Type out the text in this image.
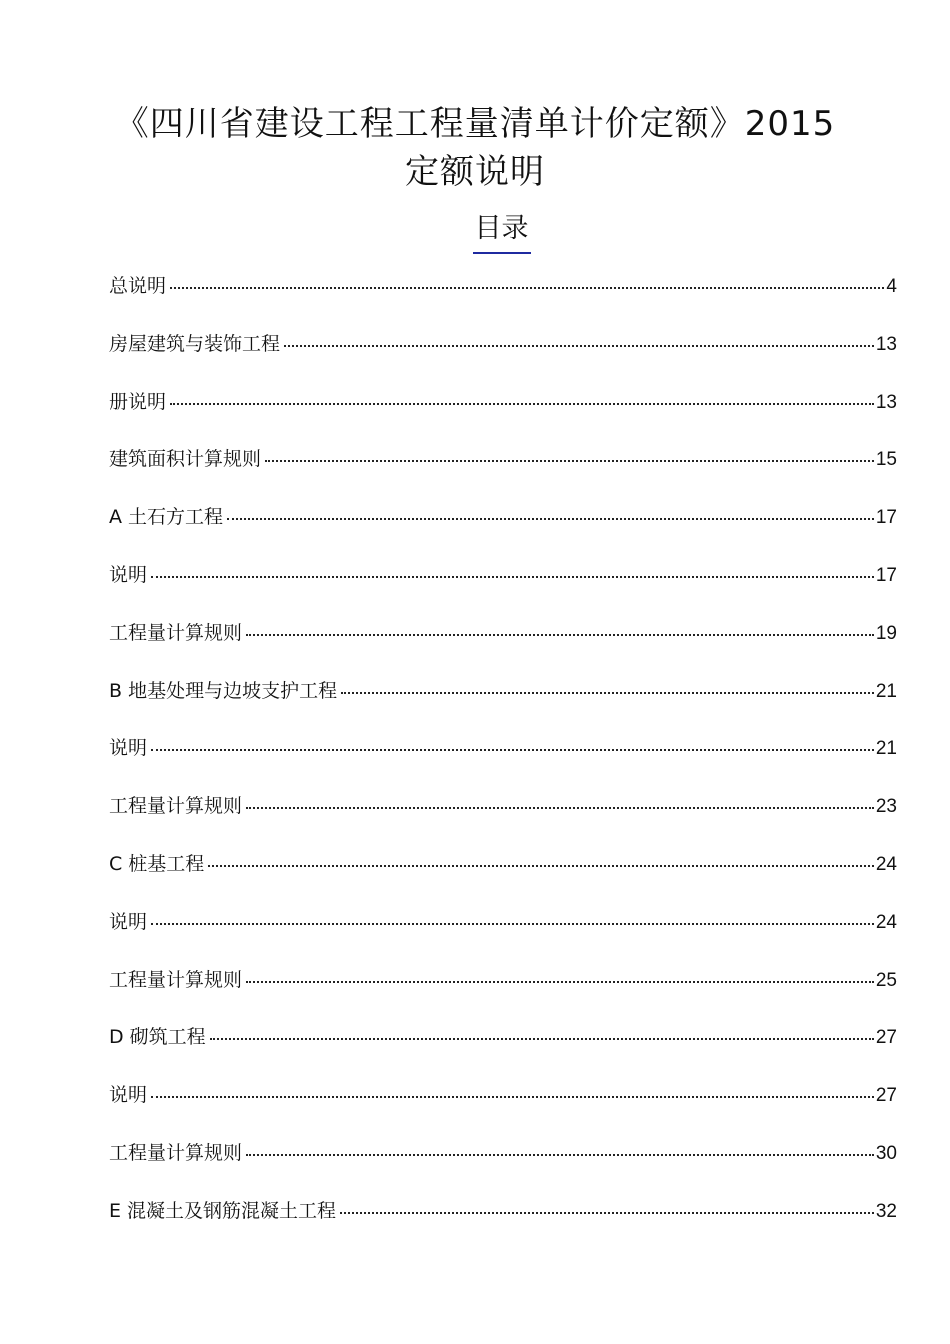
《四川省建设工程工程量清单计价定额》2015
定额说明
目录
总说明	4
房屋建筑与装饰工程	13
册说明	13
建筑面积计算规则	15
A 土石方工程	17
说明	17
工程量计算规则	19
B 地基处理与边坡支护工程	21
说明	21
工程量计算规则	23
C 桩基工程	24
说明	24
工程量计算规则	25
D 砌筑工程	27
说明	27
工程量计算规则	30
E 混凝土及钢筋混凝土工程	32
